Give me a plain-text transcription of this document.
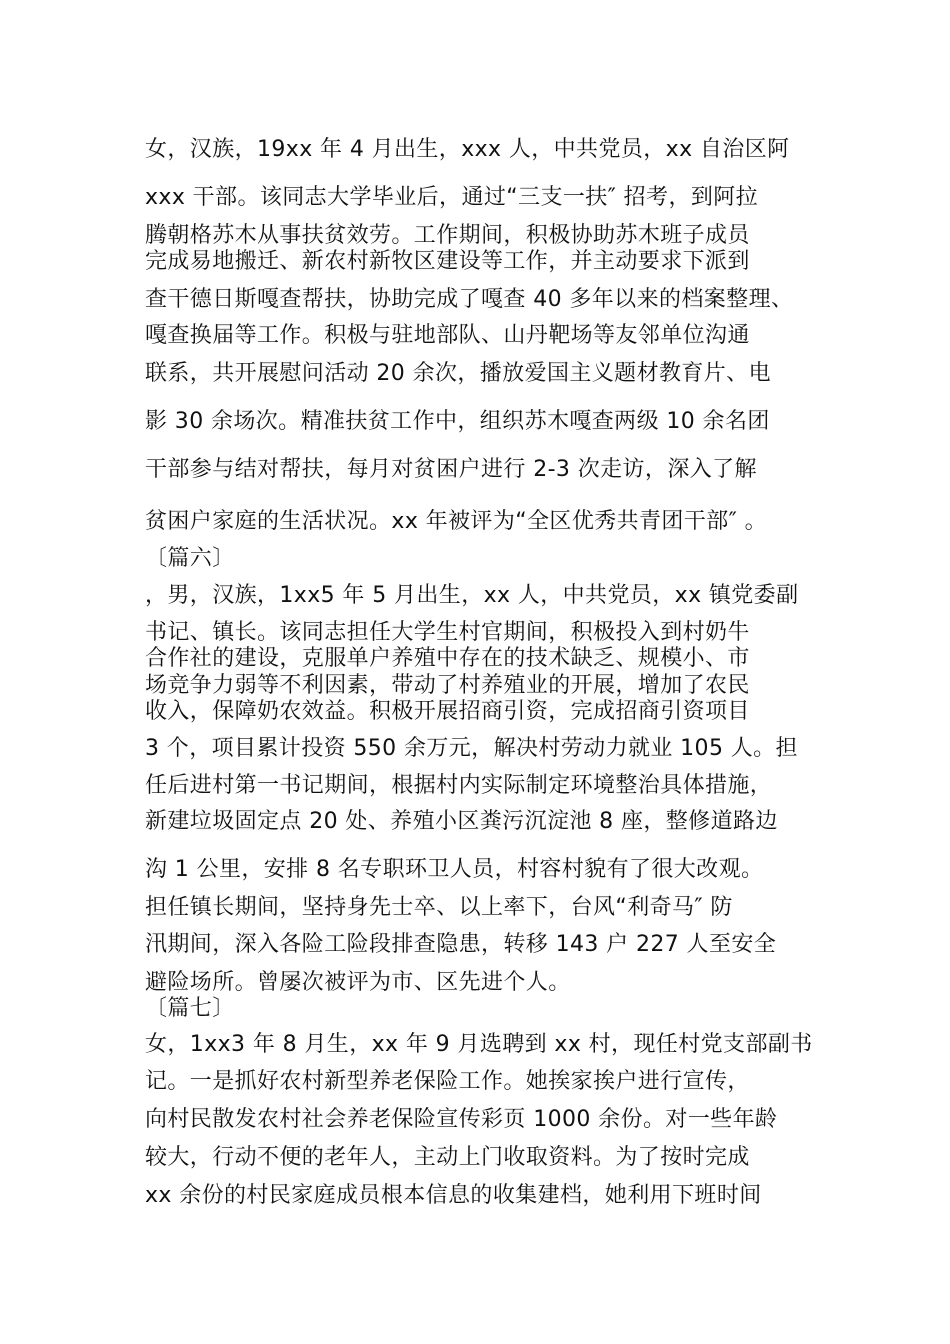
女，汉族，19xx 年 4 月出生，xxx 人，中共党员，xx 自治区阿
xxx 干部。该同志大学毕业后，通过“三支一扶″ 招考，到阿拉
腾朝格苏木从事扶贫效劳。工作期间，积极协助苏木班子成员
完成易地搬迁、新农村新牧区建设等工作，并主动要求下派到
查干德日斯嘎查帮扶，协助完成了嘎查 40 多年以来的档案整理、
嘎查换届等工作。积极与驻地部队、山丹靶场等友邻单位沟通
联系，共开展慰问活动 20 余次，播放爱国主义题材教育片、电
影 30 余场次。精准扶贫工作中，组织苏木嘎查两级 10 余名团
干部参与结对帮扶，每月对贫困户进行 2-3 次走访，深入了解
贫困户家庭的生活状况。xx 年被评为“全区优秀共青团干部″ 。
〔篇六〕
，男，汉族，1xx5 年 5 月出生，xx 人，中共党员，xx 镇党委副
书记、镇长。该同志担任大学生村官期间，积极投入到村奶牛
合作社的建设，克服单户养殖中存在的技术缺乏、规模小、市
场竞争力弱等不利因素，带动了村养殖业的开展，增加了农民
收入，保障奶农效益。积极开展招商引资，完成招商引资项目
3 个，项目累计投资 550 余万元，解决村劳动力就业 105 人。担
任后进村第一书记期间，根据村内实际制定环境整治具体措施，
新建垃圾固定点 20 处、养殖小区粪污沉淀池 8 座，整修道路边
沟 1 公里，安排 8 名专职环卫人员，村容村貌有了很大改观。
担任镇长期间，坚持身先士卒、以上率下，台风“利奇马″ 防
汛期间，深入各险工险段排查隐患，转移 143 户 227 人至安全
避险场所。曾屡次被评为市、区先进个人。
〔篇七〕
女，1xx3 年 8 月生，xx 年 9 月选聘到 xx 村，现任村党支部副书
记。一是抓好农村新型养老保险工作。她挨家挨户进行宣传，
向村民散发农村社会养老保险宣传彩页 1000 余份。对一些年龄
较大，行动不便的老年人，主动上门收取资料。为了按时完成
xx 余份的村民家庭成员根本信息的收集建档，她利用下班时间
